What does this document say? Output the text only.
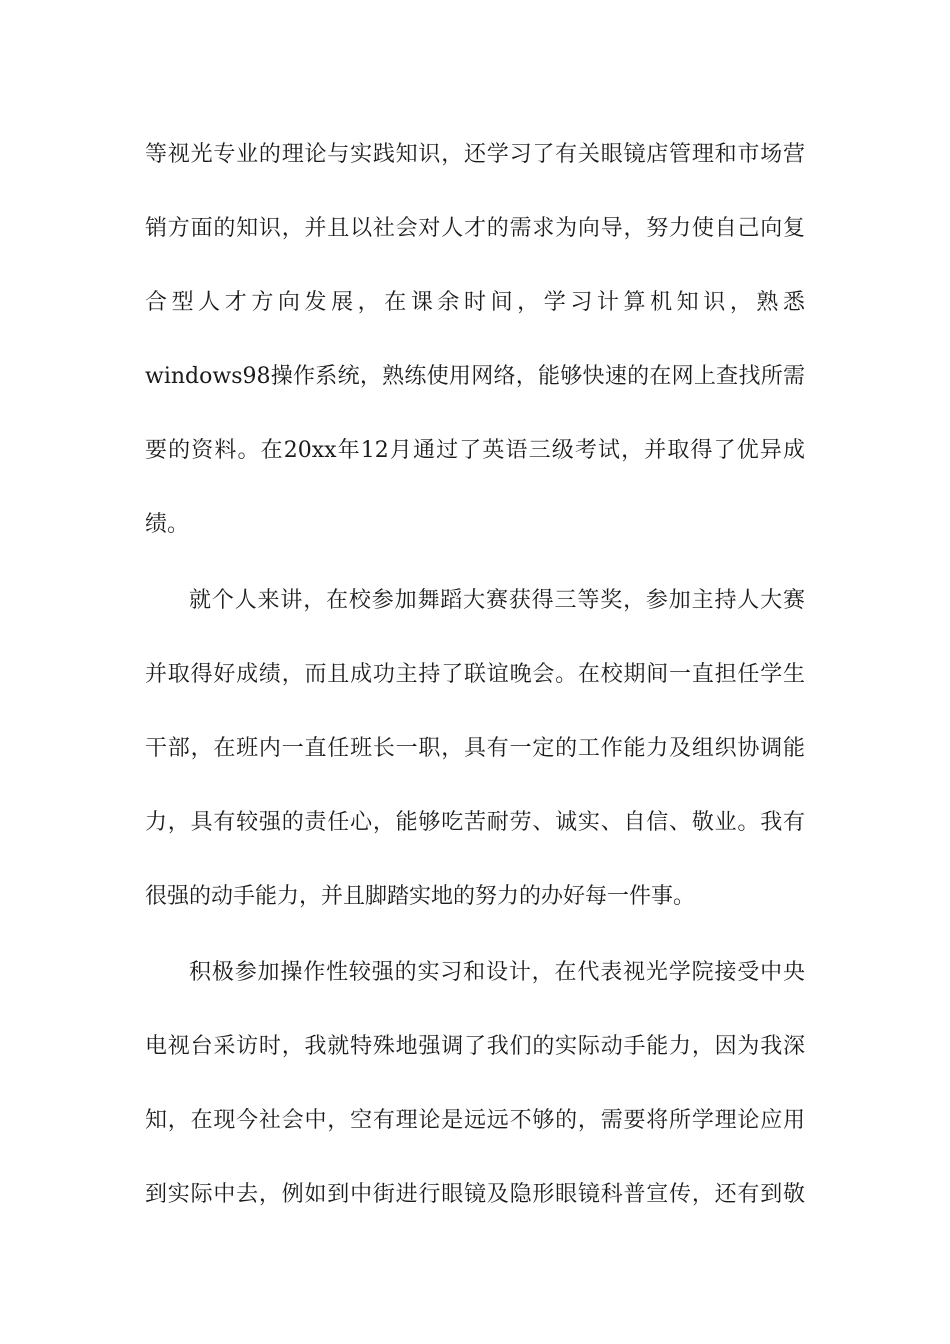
等视光专业的理论与实践知识，还学习了有关眼镜店管理和市场营
销方面的知识，并且以社会对人才的需求为向导，努力使自己向复
合型人才方向发展，在课余时间，学习计算机知识，熟悉
windows98操作系统，熟练使用网络，能够快速的在网上查找所需
要的资料。在20xx年12月通过了英语三级考试，并取得了优异成
绩。
就个人来讲，在校参加舞蹈大赛获得三等奖，参加主持人大赛
并取得好成绩，而且成功主持了联谊晚会。在校期间一直担任学生
干部，在班内一直任班长一职，具有一定的工作能力及组织协调能
力，具有较强的责任心，能够吃苦耐劳、诚实、自信、敬业。我有
很强的动手能力，并且脚踏实地的努力的办好每一件事。
积极参加操作性较强的实习和设计，在代表视光学院接受中央
电视台采访时，我就特殊地强调了我们的实际动手能力，因为我深
知，在现今社会中，空有理论是远远不够的，需要将所学理论应用
到实际中去，例如到中街进行眼镜及隐形眼镜科普宣传，还有到敬
